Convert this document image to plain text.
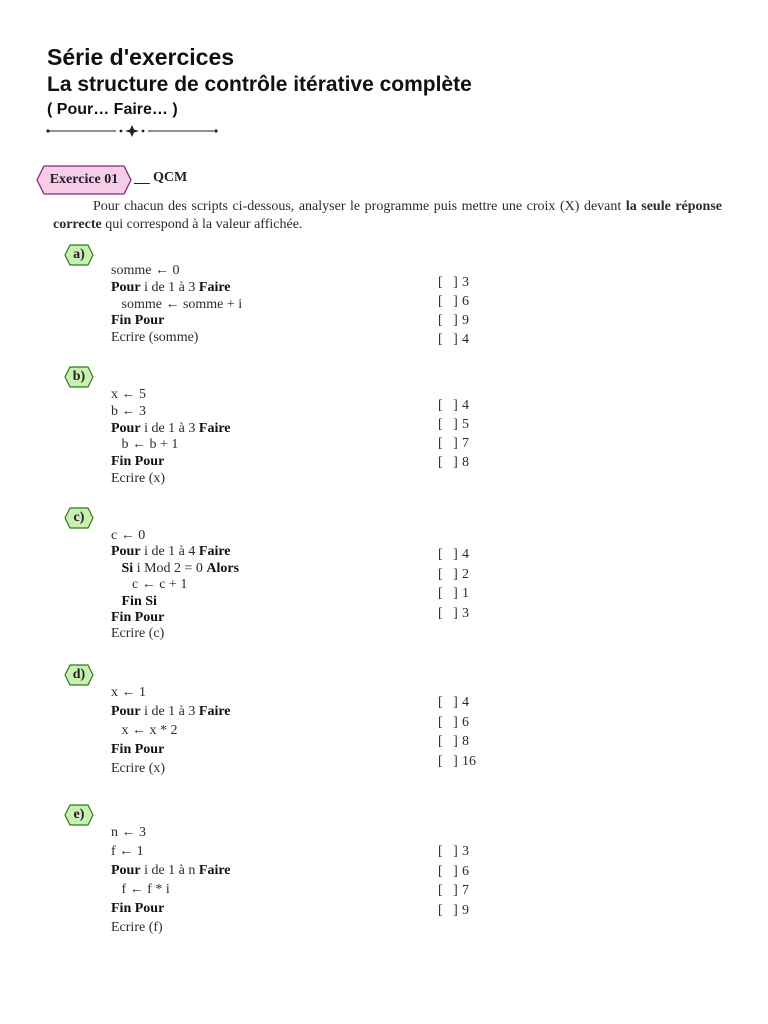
Série d'exercices
La structure de contrôle itérative complète
( Pour… Faire… )
Exercice 01	QCM
Pour chacun des scripts ci-dessous, analyser le programme puis mettre une croix (X) devant la seule réponse correcte qui correspond à la valeur affichée.
a)
somme ← 0
Pour i de 1 à 3 Faire
somme ← somme + i
Fin Pour
Ecrire (somme)
[   ] 3
[   ] 6
[   ] 9
[   ] 4
b)
x ← 5
b ← 3
Pour i de 1 à 3 Faire
b ← b + 1
Fin Pour
Ecrire (x)
[   ] 4
[   ] 5
[   ] 7
[   ] 8
c)
c ← 0
Pour i de 1 à 4 Faire
Si i Mod 2 = 0 Alors
c ← c + 1
Fin Si
Fin Pour
Ecrire (c)
[   ] 4
[   ] 2
[   ] 1
[   ] 3
d)
x ← 1
Pour i de 1 à 3 Faire
x ← x * 2
Fin Pour
Ecrire (x)
[   ] 4
[   ] 6
[   ] 8
[   ] 16
e)
n ← 3
f ← 1
Pour i de 1 à n Faire
f ← f * i
Fin Pour
Ecrire (f)
[   ] 3
[   ] 6
[   ] 7
[   ] 9
